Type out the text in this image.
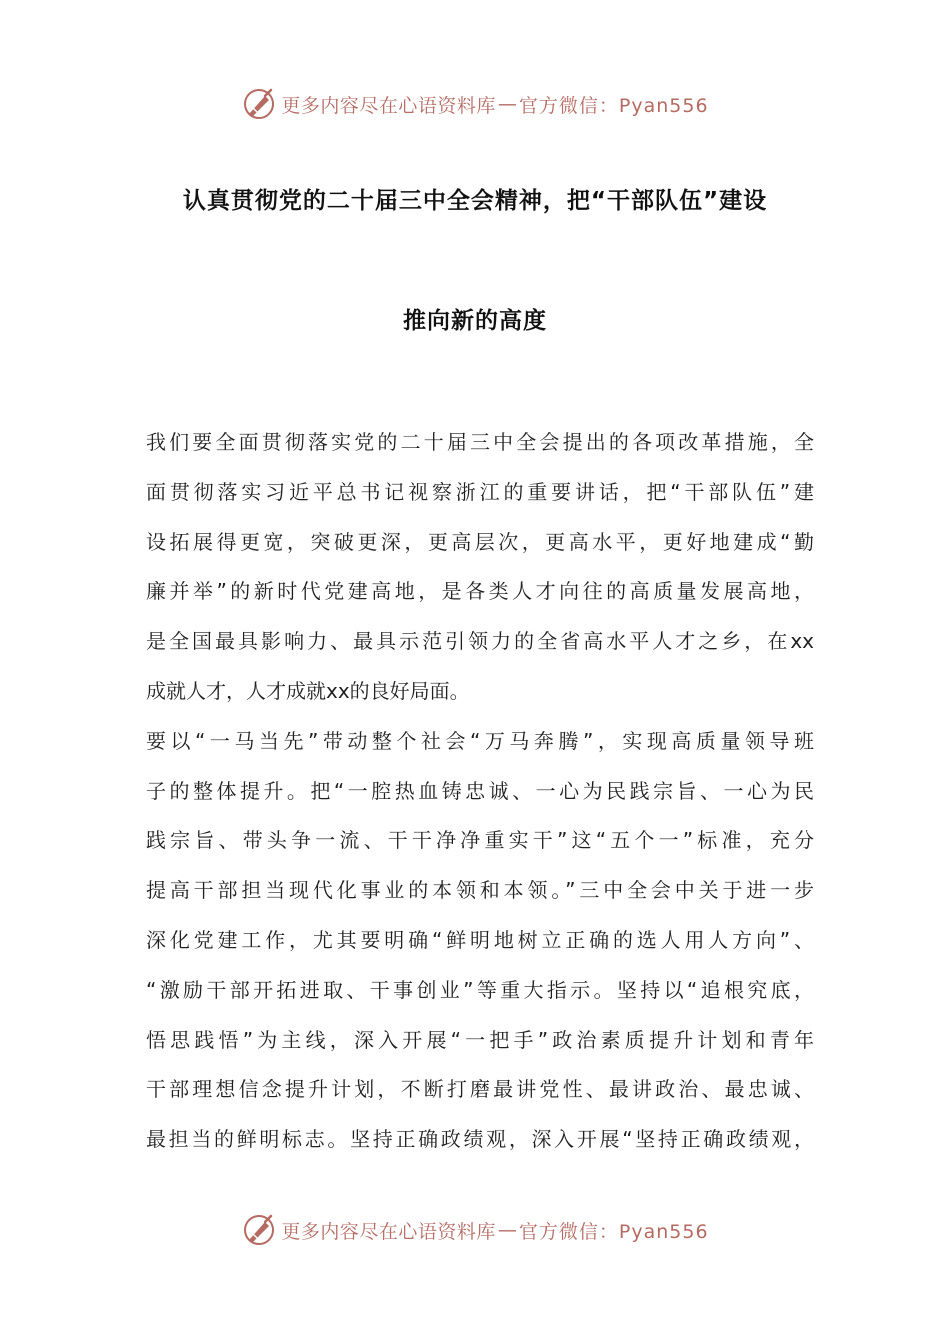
更多内容尽在心语资料库 — 官方微信：Pyan556
认真贯彻党的二十届三中全会精神，把“干部队伍”建设
推向新的高度
我们要全面贯彻落实党的二十届三中全会提出的各项改革措施，全
面贯彻落实习近平总书记视察浙江的重要讲话，把“干部队伍”建
设拓展得更宽，突破更深，更高层次，更高水平，更好地建成“勤
廉并举”的新时代党建高地，是各类人才向往的高质量发展高地，
是全国最具影响力、最具示范引领力的全省高水平人才之乡，在xx
成就人才，人才成就xx的良好局面。
要以“一马当先”带动整个社会“万马奔腾”，实现高质量领导班
子的整体提升。把“一腔热血铸忠诚、一心为民践宗旨、一心为民
践宗旨、带头争一流、干干净净重实干”这“五个一”标准，充分
提高干部担当现代化事业的本领和本领。”三中全会中关于进一步
深化党建工作，尤其要明确“鲜明地树立正确的选人用人方向”、
“激励干部开拓进取、干事创业”等重大指示。坚持以“追根究底，
悟思践悟”为主线，深入开展“一把手”政治素质提升计划和青年
干部理想信念提升计划，不断打磨最讲党性、最讲政治、最忠诚、
最担当的鲜明标志。坚持正确政绩观，深入开展“坚持正确政绩观，
更多内容尽在心语资料库 — 官方微信：Pyan556
